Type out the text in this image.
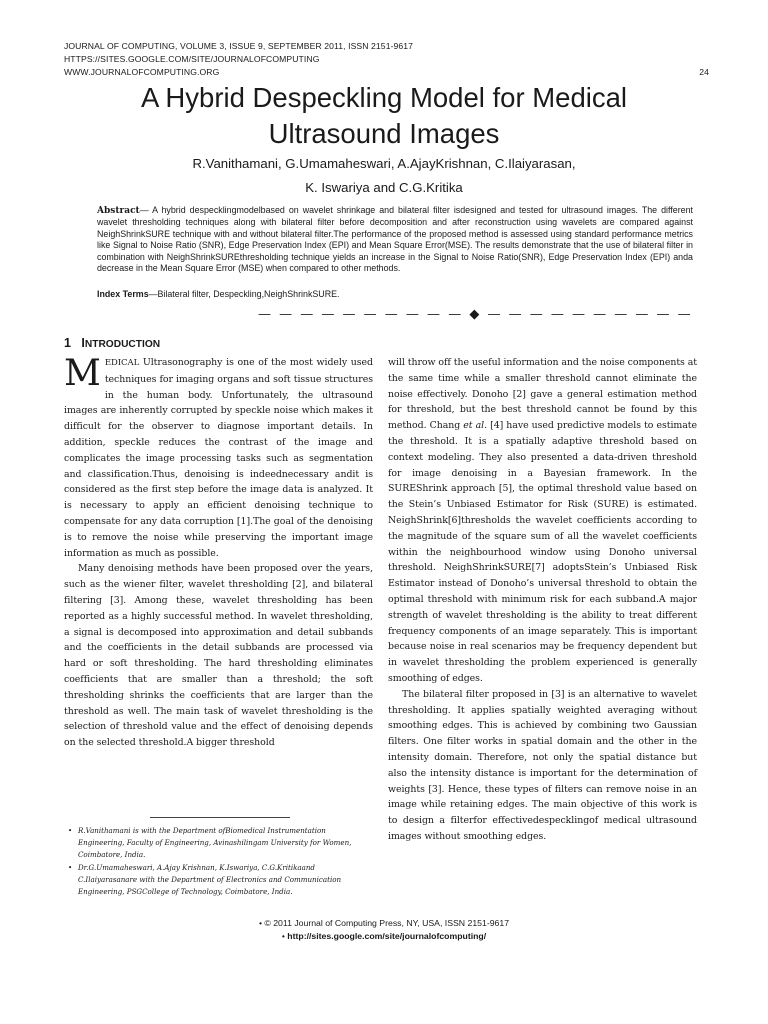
JOURNAL OF COMPUTING, VOLUME 3, ISSUE 9, SEPTEMBER 2011, ISSN 2151-9617
HTTPS://SITES.GOOGLE.COM/SITE/JOURNALOFCOMPUTING
WWW.JOURNALOFCOMPUTING.ORG	24
A Hybrid Despeckling Model for Medical
Ultrasound Images
R.Vanithamani, G.Umamaheswari, A.AjayKrishnan, C.Ilaiyarasan,
K. Iswariya and C.G.Kritika
Abstract— A hybrid despecklingmodelbased on wavelet shrinkage and bilateral filter isdesigned and tested for ultrasound images. The different wavelet thresholding techniques along with bilateral filter before decomposition and after reconstruction using wavelets are compared against NeighShrinkSURE technique with and without bilateral filter.The performance of the proposed method is assessed using standard performance metrics like Signal to Noise Ratio (SNR), Edge Preservation Index (EPI) and Mean Square Error(MSE). The results demonstrate that the use of bilateral filter in combination with NeighShrinkSUREthresholding technique yields an increase in the Signal to Noise Ratio(SNR), Edge Preservation Index (EPI) anda decrease in the Mean Square Error (MSE) when compared to other methods.
Index Terms—Bilateral filter, Despeckling,NeighShrinkSURE.
— — — — — — — — — — ◆ — — — — — — — — — —
1 INTRODUCTION

MEDICAL Ultrasonography is one of the most widely used techniques for imaging organs and soft tissue structures in the human body. Unfortunately, the ultrasound images are inherently corrupted by speckle noise which makes it difficult for the observer to diagnose important details. In addition, speckle reduces the contrast of the image and complicates the image processing tasks such as segmentation and classification.Thus, denoising is indeednecessary andit is considered as the first step before the image data is analyzed. It is necessary to apply an efficient denoising technique to compensate for any data corruption [1].The goal of the denoising is to remove the noise while preserving the important image information as much as possible.

Many denoising methods have been proposed over the years, such as the wiener filter, wavelet thresholding [2], and bilateral filtering [3]. Among these, wavelet thresholding has been reported as a highly successful method. In wavelet thresholding, a signal is decomposed into approximation and detail subbands and the coefficients in the detail subbands are processed via hard or soft thresholding. The hard thresholding eliminates coefficients that are smaller than a threshold; the soft thresholding shrinks the coefficients that are larger than the threshold as well. The main task of wavelet thresholding is the selection of threshold value and the effect of denoising depends on the selected threshold.A bigger threshold

will throw off the useful information and the noise components at the same time while a smaller threshold cannot eliminate the noise effectively. Donoho [2] gave a general estimation method for threshold, but the best threshold cannot be found by this method. Chang et al. [4] have used predictive models to estimate the threshold. It is a spatially adaptive threshold based on context modeling. They also presented a data-driven threshold for image denoising in a Bayesian framework. In the SUREShrink approach [5], the optimal threshold value based on the Stein’s Unbiased Estimator for Risk (SURE) is estimated. NeighShrink[6]thresholds the wavelet coefficients according to the magnitude of the square sum of all the wavelet coefficients within the neighbourhood window using Donoho universal threshold. NeighShrinkSURE[7] adoptsStein’s Unbiased Risk Estimator instead of Donoho’s universal threshold to obtain the optimal threshold with minimum risk for each subband.A major strength of wavelet thresholding is the ability to treat different frequency components of an image separately. This is important because noise in real scenarios may be frequency dependent but in wavelet thresholding the problem experienced is generally smoothing of edges.

The bilateral filter proposed in [3] is an alternative to wavelet thresholding. It applies spatially weighted averaging without smoothing edges. This is achieved by combining two Gaussian filters. One filter works in spatial domain and the other in the intensity domain. Therefore, not only the spatial distance but also the intensity distance is important for the determination of weights [3]. Hence, these types of filters can remove noise in an image while retaining edges. The main objective of this work is to design a filterfor effectivedespecklingof medical ultrasound images without smoothing edges.

• R.Vanithamani is with the Department ofBiomedical Instrumentation Engineering, Faculty of Engineering, Avinashilingam University for Women, Coimbatore, India.
• Dr.G.Umamaheswari, A.Ajay Krishnan, K.Iswariya, C.G.Kritikaand C.Ilaiyarasanare with the Department of Electronics and Communication Engineering, PSGCollege of Technology, Coimbatore, India.
• © 2011 Journal of Computing Press, NY, USA, ISSN 2151-9617
• http://sites.google.com/site/journalofcomputing/
